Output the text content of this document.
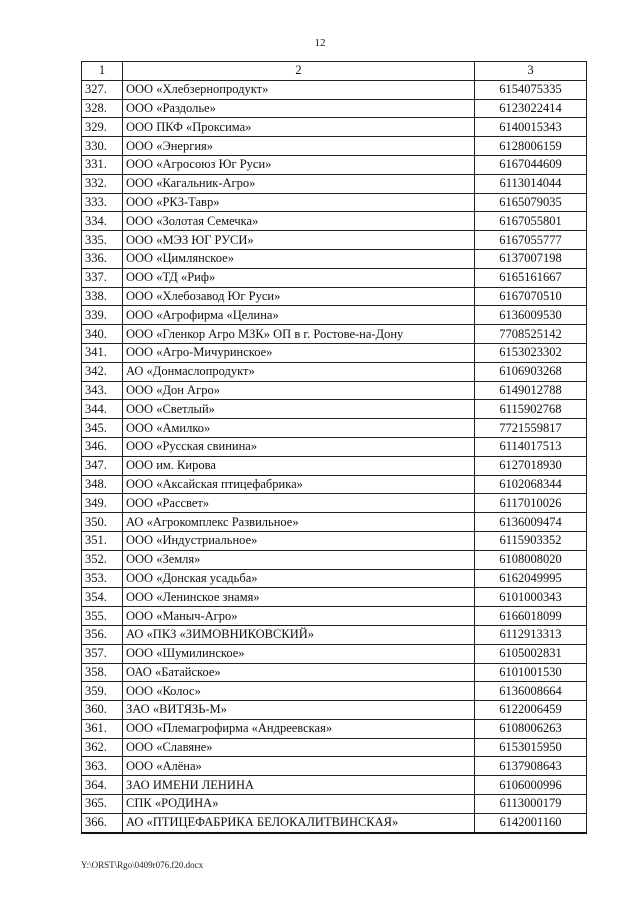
12
1	2	3
327.	ООО «Хлебзернопродукт»	6154075335
328.	ООО «Раздолье»	6123022414
329.	ООО ПКФ «Проксима»	6140015343
330.	ООО «Энергия»	6128006159
331.	ООО «Агросоюз Юг Руси»	6167044609
332.	ООО «Кагальник-Агро»	6113014044
333.	ООО «РКЗ-Тавр»	6165079035
334.	ООО «Золотая Семечка»	6167055801
335.	ООО «МЭЗ ЮГ РУСИ»	6167055777
336.	ООО «Цимлянское»	6137007198
337.	ООО «ТД «Риф»	6165161667
338.	ООО «Хлебозавод Юг Руси»	6167070510
339.	ООО «Агрофирма «Целина»	6136009530
340.	ООО «Гленкор Агро МЗК» ОП в г. Ростове-на-Дону	7708525142
341.	ООО «Агро-Мичуринское»	6153023302
342.	АО «Донмаслопродукт»	6106903268
343.	ООО «Дон Агро»	6149012788
344.	ООО «Светлый»	6115902768
345.	ООО «Амилко»	7721559817
346.	ООО «Русская свинина»	6114017513
347.	ООО им. Кирова	6127018930
348.	ООО «Аксайская птицефабрика»	6102068344
349.	ООО «Рассвет»	6117010026
350.	АО «Агрокомплекс Развильное»	6136009474
351.	ООО «Индустриальное»	6115903352
352.	ООО «Земля»	6108008020
353.	ООО «Донская усадьба»	6162049995
354.	ООО «Ленинское знамя»	6101000343
355.	ООО «Маныч-Агро»	6166018099
356.	АО «ПКЗ «ЗИМОВНИКОВСКИЙ»	6112913313
357.	ООО «Шумилинское»	6105002831
358.	ОАО «Батайское»	6101001530
359.	ООО «Колос»	6136008664
360.	ЗАО «ВИТЯЗЬ-М»	6122006459
361.	ООО «Племагрофирма «Андреевская»	6108006263
362.	ООО «Славяне»	6153015950
363.	ООО «Алёна»	6137908643
364.	ЗАО ИМЕНИ ЛЕНИНА	6106000996
365.	СПК «РОДИНА»	6113000179
366.	АО «ПТИЦЕФАБРИКА БЕЛОКАЛИТВИНСКАЯ»	6142001160
Y:\ORST\Rgo\0409r076.f20.docx
